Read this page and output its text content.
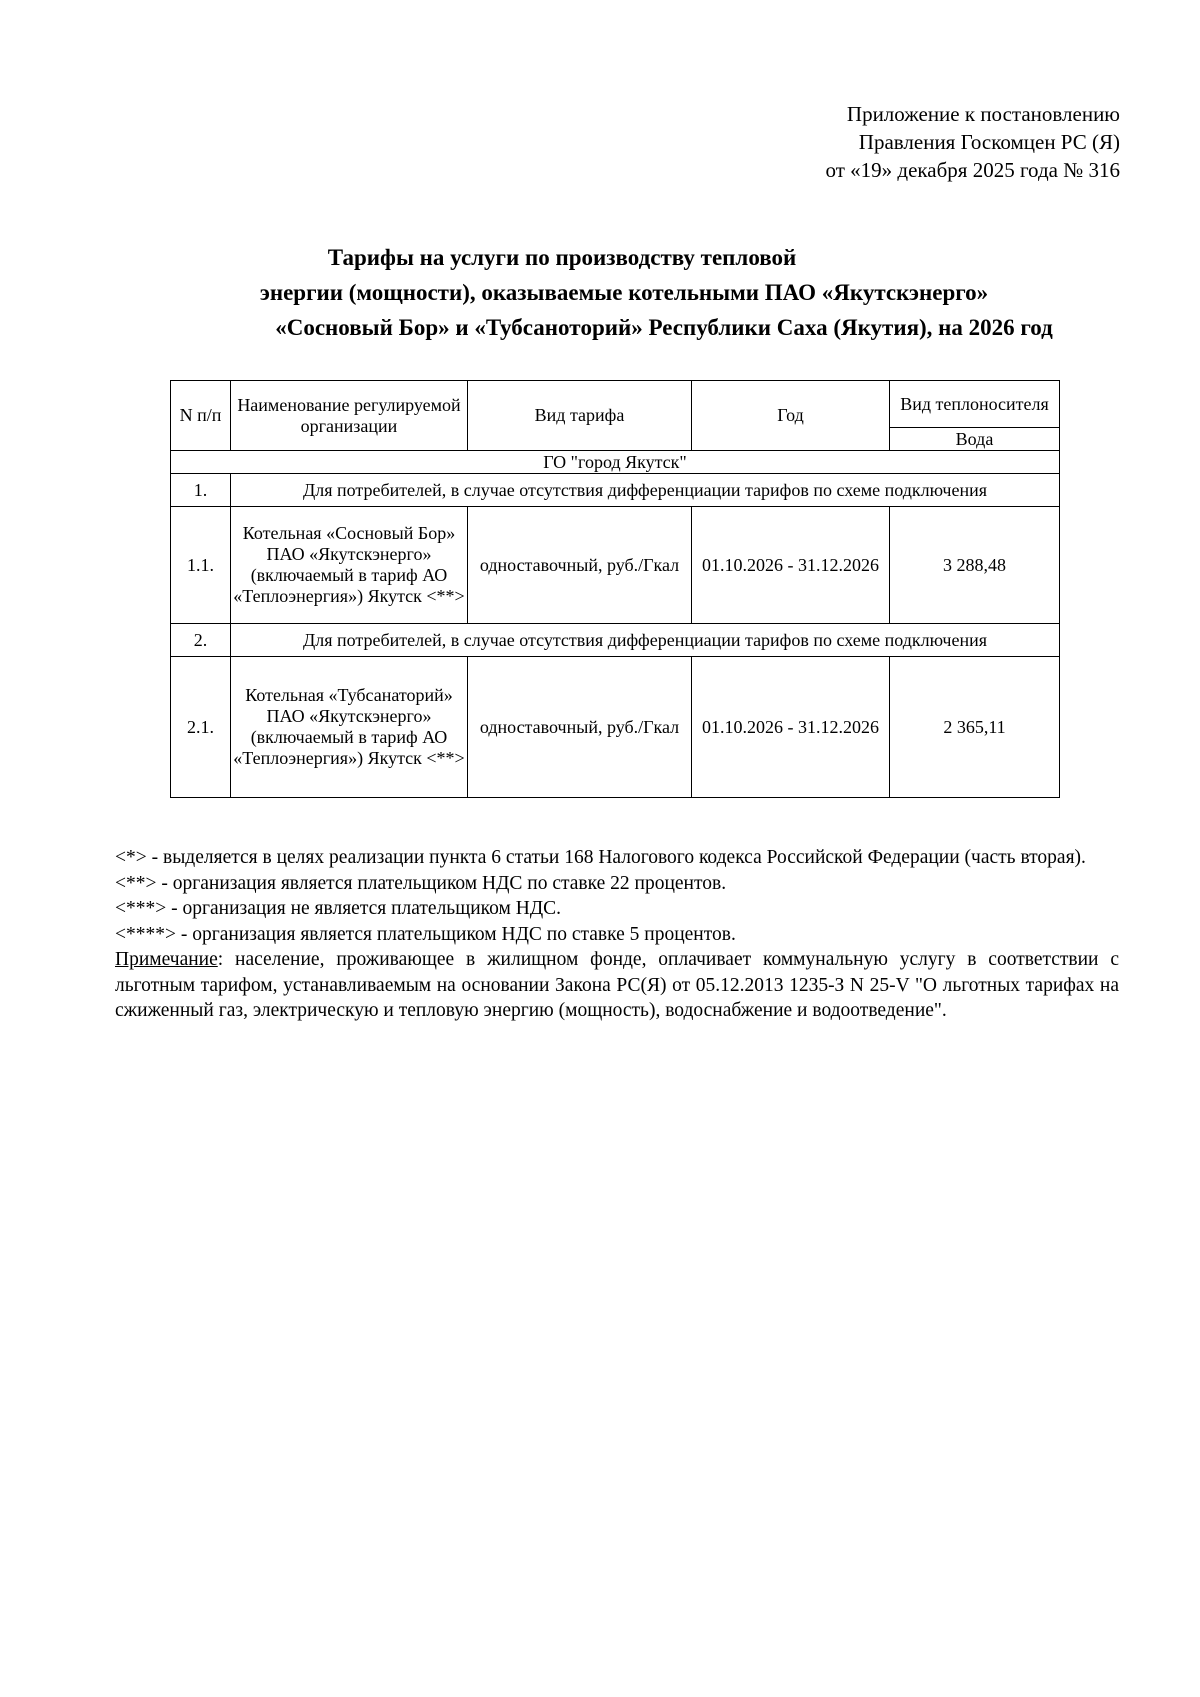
Приложение к постановлению
Правления Госкомцен РС (Я)
от «19» декабря 2025 года № 316
Тарифы на услуги по производству тепловой
энергии (мощности), оказываемые котельными ПАО «Якутскэнерго»
«Сосновый Бор» и «Тубсанотoрий» Республики Саха (Якутия), на 2026 год
N п/п	Наименование регулируемой организации	Вид тарифа	Год	Вид теплоносителя
				Вода
ГО "город Якутск"				
1.	Для потребителей, в случае отсутствия дифференциации тарифов по схеме подключения			
1.1.	Котельная «Сосновый Бор» ПАО «Якутскэнерго» (включаемый в тариф АО «Теплоэнергия») Якутск <**>	одноставочный, руб./Гкал	01.10.2026 - 31.12.2026	3 288,48
2.	Для потребителей, в случае отсутствия дифференциации тарифов по схеме подключения			
2.1.	Котельная «Тубсанаторий» ПАО «Якутскэнерго» (включаемый в тариф АО «Теплоэнергия») Якутск <**>	одноставочный, руб./Гкал	01.10.2026 - 31.12.2026	2 365,11

<*> - выделяется в целях реализации пункта 6 статьи 168 Налогового кодекса Российской Федерации (часть вторая).

<**> - организация является плательщиком НДС по ставке 22 процентов.

<***> - организация не является плательщиком НДС.

<****> - организация является плательщиком НДС по ставке 5 процентов.

Примечание: население, проживающее в жилищном фонде, оплачивает коммунальную услугу в соответствии с льготным тарифом, устанавливаемым на основании Закона РС(Я) от 05.12.2013 1235-З N 25-V "О льготных тарифах на сжиженный газ, электрическую и тепловую энергию (мощность), водоснабжение и водоотведение".
